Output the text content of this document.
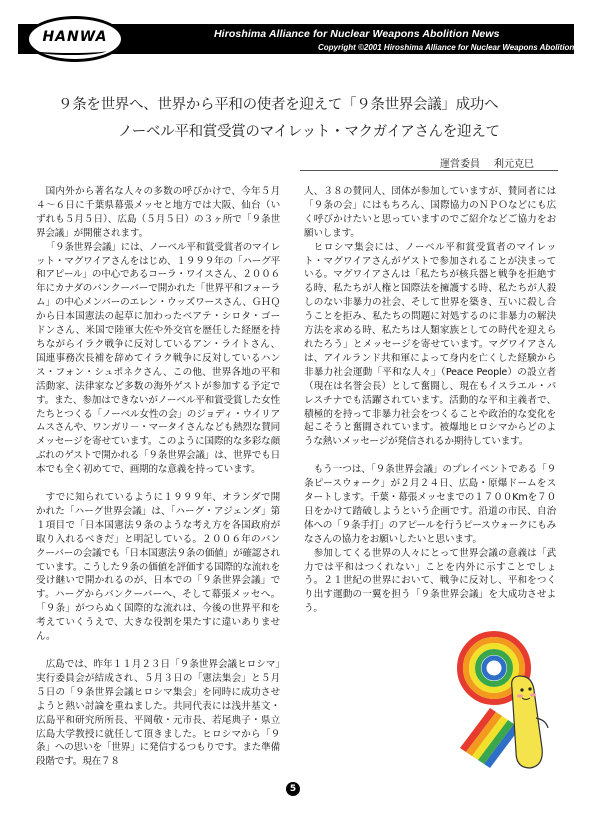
HANWA	Hiroshima Alliance for Nuclear Weapons Abolition News
Copyright ©2001 Hiroshima Alliance for Nuclear Weapons Abolition
９条を世界へ、世界から平和の使者を迎えて「９条世界会議」成功へ
ノーベル平和賞受賞のマイレット・マクガイアさんを迎えて
運営委員 利元克巳

国内外から著名な人々の多数の呼びかけで、今年５月４～６日に千葉県幕張メッセと地方では大阪、仙台（いずれも５月５日）、広島（５月５日）の３ヶ所で「９条世界会議」が開催されます。

「９条世界会議」には、ノーベル平和賞受賞者のマイレット・マグワイアさんをはじめ、１９９９年の「ハーグ平和アピール」の中心であるコーラ・ワイスさん、２００６年にカナダのバンクーバーで開かれた「世界平和フォーラム」の中心メンバーのエレン・ウッズワースさん、ＧＨＱから日本国憲法の起草に加わったベアテ・シロタ・ゴードンさん、米国で陸軍大佐や外交官を歴任した経歴を持ちながらイラク戦争に反対しているアン・ライトさん、国連事務次長補を辞めてイラク戦争に反対しているハンス・フォン・シュポネクさん、この他、世界各地の平和活動家、法律家など多数の海外ゲストが参加する予定です。また、参加はできないがノーベル平和賞受賞した女性たちとつくる「ノーベル女性の会」のジョディ・ウイリアムスさんや、ワンガリ－・マータイさんなども熱烈な賛同メッセージを寄せています。このように国際的な多彩な顔ぶれのゲストで開かれる「９条世界会議」は、世界でも日本でも全く初めてで、画期的な意義を持っています。

すでに知られているように１９９９年、オランダで開かれた「ハーグ世界会議」は、「ハーグ・アジェンダ」第１項目で「日本国憲法９条のような考え方を各国政府が取り入れるべきだ」と明記している。２００６年のバンクーバーの会議でも「日本国憲法９条の価値」が確認されています。こうした９条の価値を評価する国際的な流れを受け継いで開かれるのが、日本での「９条世界会議」です。ハーグからバンクーバーへ、そして幕張メッセへ。「９条」がつらぬく国際的な流れは、今後の世界平和を考えていくうえで、大きな役割を果たすに違いありません。

広島では、昨年１１月２３日「９条世界会議ヒロシマ」実行委員会が結成され、５月３日の「憲法集会」と５月５日の「９条世界会議ヒロシマ集会」を同時に成功させようと熱い討論を重ねました。共同代表には浅井基文・広島平和研究所所長、平岡敬・元市長、若尾典子・県立広島大学教授に就任して頂きました。ヒロシマから「９条」への思いを「世界」に発信するつもりです。また準備段階です。現在７８

人、３８の賛同人、団体が参加していますが、賛同者には「９条の会」にはもちろん、国際協力のＮＰＯなどにも広く呼びかけたいと思っていますのでご紹介などご協力をお願いします。

ヒロシマ集会には、ノーベル平和賞受賞者のマイレット・マグワイアさんがゲストで参加されることが決まっている。マグワイアさんは「私たちが核兵器と戦争を拒絶する時、私たちが人権と国際法を擁護する時、私たちが人殺しのない非暴力の社会、そして世界を築き、互いに殺し合うことを拒み、私たちの問題に対処するのに非暴力の解決方法を求める時、私たちは人類家族としての時代を迎えられたろう」とメッセージを寄せています。マグワイアさんは、アイルランド共和軍によって身内を亡くした経験から非暴力社会運動「平和な人々」（Peace People）の設立者（現在は名誉会長）として奮闘し、現在もイスラエル・パレスチナでも活躍されています。活動的な平和主義者で、積極的を持って非暴力社会をつくることや政治的な変化を起こそうと奮闘されています。被爆地ヒロシマからどのような熱いメッセージが発信されるか期待しています。

もう一つは、「９条世界会議」のプレイベントである「９条ピースウォーク」が２月２４日、広島・原爆ドームをスタートします。千葉・幕張メッセまでの１７００Kmを７０日をかけて踏破しようという企画です。沿道の市民、自治体への「９条手打」のアピールを行うピースウォークにもみなさんの協力をお願いしたいと思います。

参加してくる世界の人々にとって世界会議の意義は「武力では平和はつくれない」ことを内外に示すことでしょう。２１世紀の世界において、戦争に反対し、平和をつくり出す運動の一翼を担う「９条世界会議」を大成功させよう。

5
